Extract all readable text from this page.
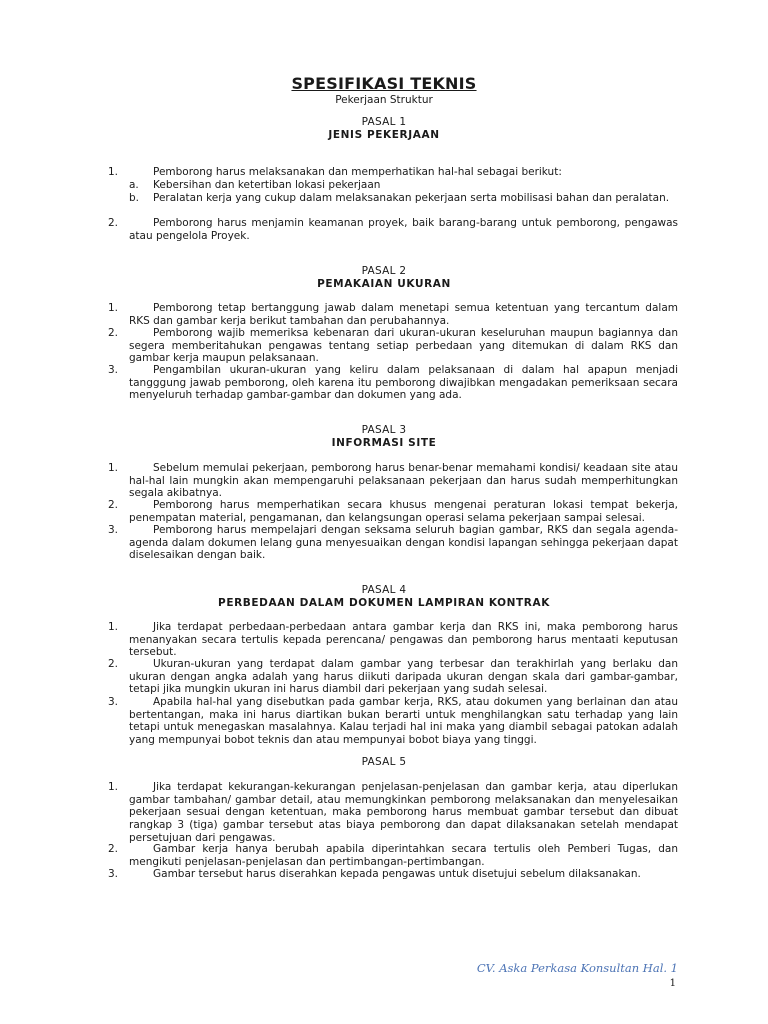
SPESIFIKASI TEKNIS
Pekerjaan Struktur
PASAL 1
JENIS PEKERJAAN
1.	Pemborong harus melaksanakan dan memperhatikan hal-hal sebagai berikut:
a. Kebersihan dan ketertiban lokasi pekerjaan
b. Peralatan kerja yang cukup dalam melaksanakan pekerjaan serta mobilisasi bahan dan peralatan.
2.	Pemborong harus menjamin keamanan proyek, baik barang-barang untuk pemborong, pengawas atau pengelola Proyek.
PASAL 2
PEMAKAIAN UKURAN
1.	Pemborong tetap bertanggung jawab dalam menetapi semua ketentuan yang tercantum dalam RKS dan gambar kerja berikut tambahan dan perubahannya.
2.	Pemborong wajib memeriksa kebenaran dari ukuran-ukuran keseluruhan maupun bagiannya dan segera memberitahukan pengawas tentang setiap perbedaan yang ditemukan di dalam RKS dan gambar kerja maupun pelaksanaan.
3.	Pengambilan ukuran-ukuran yang keliru dalam pelaksanaan di dalam hal apapun menjadi tangggung jawab pemborong, oleh karena itu pemborong diwajibkan mengadakan pemeriksaan secara menyeluruh terhadap gambar-gambar dan dokumen yang ada.
PASAL 3
INFORMASI SITE
1.	Sebelum memulai pekerjaan, pemborong harus benar-benar memahami kondisi/ keadaan site atau hal-hal lain mungkin akan mempengaruhi pelaksanaan pekerjaan dan harus sudah memperhitungkan segala akibatnya.
2.	Pemborong harus memperhatikan secara khusus mengenai peraturan lokasi tempat bekerja, penempatan material, pengamanan, dan kelangsungan operasi selama pekerjaan sampai selesai.
3.	Pemborong harus mempelajari dengan seksama seluruh bagian gambar, RKS dan segala agenda-agenda dalam dokumen lelang guna menyesuaikan dengan kondisi lapangan sehingga pekerjaan dapat diselesaikan dengan baik.
PASAL 4
PERBEDAAN DALAM DOKUMEN LAMPIRAN KONTRAK
1.	Jika terdapat perbedaan-perbedaan antara gambar kerja dan RKS ini, maka pemborong harus menanyakan secara tertulis kepada perencana/ pengawas dan pemborong harus mentaati keputusan tersebut.
2.	Ukuran-ukuran yang terdapat dalam gambar yang terbesar dan terakhirlah yang berlaku dan ukuran dengan angka adalah yang harus diikuti daripada ukuran dengan skala dari gambar-gambar, tetapi jika mungkin ukuran ini harus diambil dari pekerjaan yang sudah selesai.
3.	Apabila hal-hal yang disebutkan pada gambar kerja, RKS, atau dokumen yang berlainan dan atau bertentangan, maka ini harus diartikan bukan berarti untuk menghilangkan satu terhadap yang lain tetapi untuk menegaskan masalahnya. Kalau terjadi hal ini maka yang diambil sebagai patokan adalah yang mempunyai bobot teknis dan atau mempunyai bobot biaya yang tinggi.
PASAL 5
1.	Jika terdapat kekurangan-kekurangan penjelasan-penjelasan dan gambar kerja, atau diperlukan gambar tambahan/ gambar detail, atau memungkinkan pemborong melaksanakan dan menyelesaikan pekerjaan sesuai dengan ketentuan, maka pemborong harus membuat gambar tersebut dan dibuat rangkap 3 (tiga) gambar tersebut atas biaya pemborong dan dapat dilaksanakan setelah mendapat persetujuan dari pengawas.
2.	Gambar kerja hanya berubah apabila diperintahkan secara tertulis oleh Pemberi Tugas, dan mengikuti penjelasan-penjelasan dan pertimbangan-pertimbangan.
3.	Gambar tersebut harus diserahkan kepada pengawas untuk disetujui sebelum dilaksanakan.
CV. Aska Perkasa Konsultan Hal. 1
1
